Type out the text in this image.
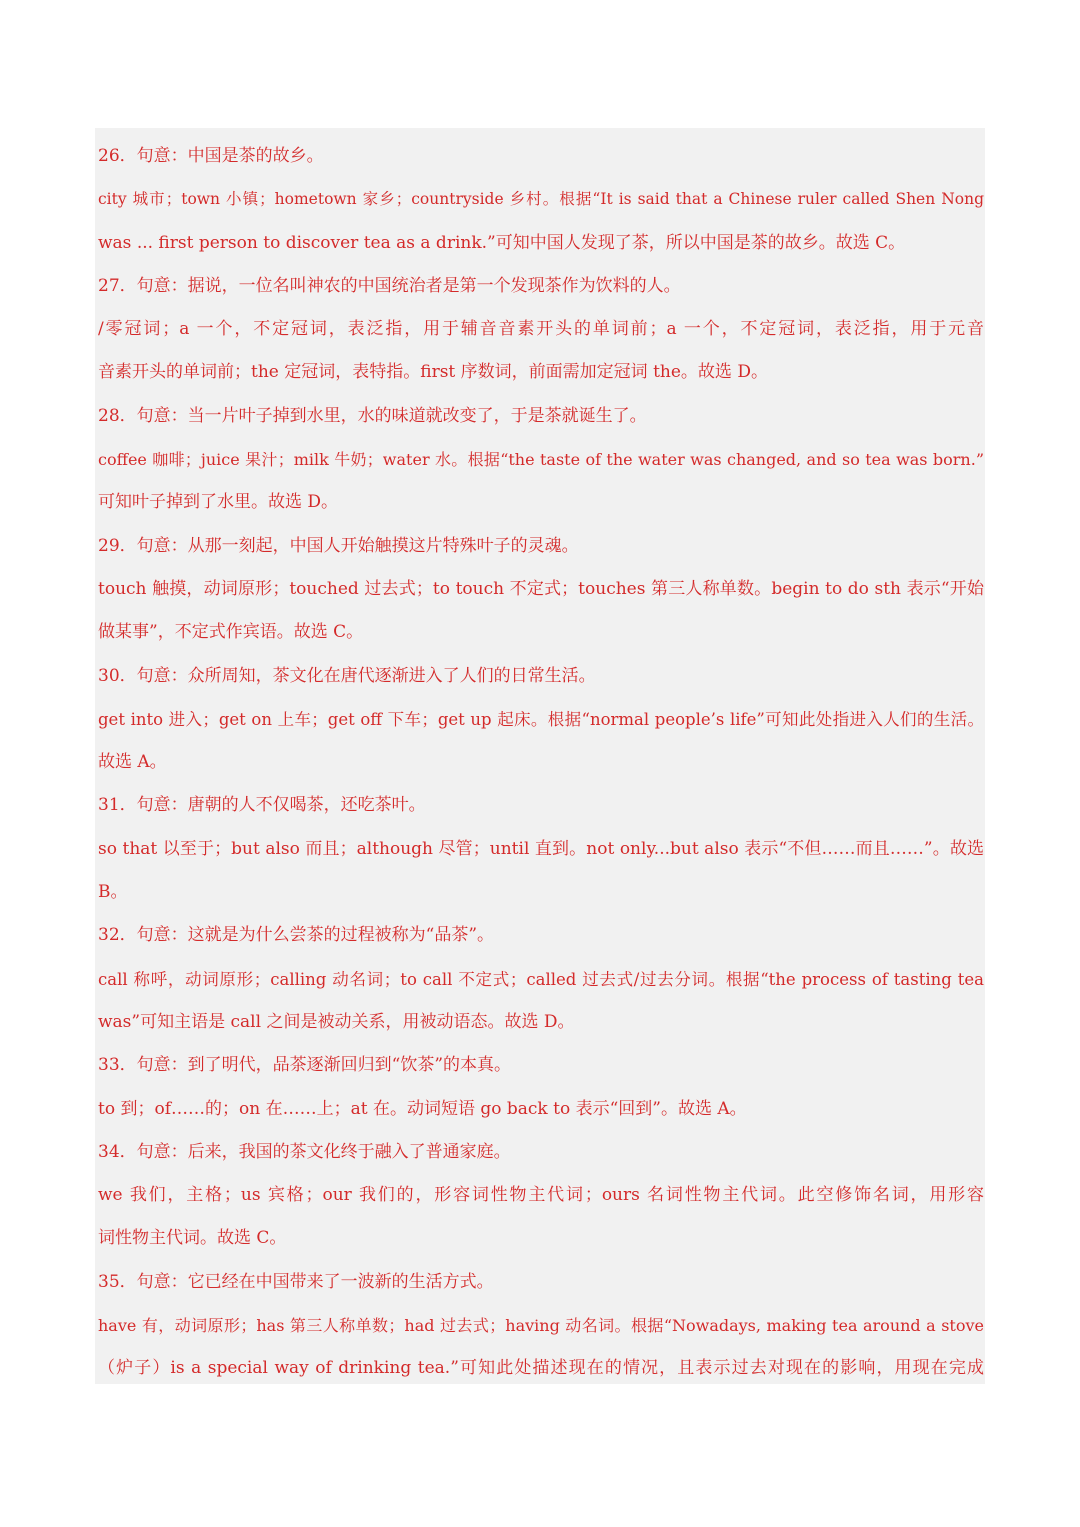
26．句意：中国是茶的故乡。
city 城市；town 小镇；hometown 家乡；countryside 乡村。根据“It is said that a Chinese ruler called Shen Nong
was ... first person to discover tea as a drink.”可知中国人发现了茶，所以中国是茶的故乡。故选 C。
27．句意：据说，一位名叫神农的中国统治者是第一个发现茶作为饮料的人。
/零冠词；a 一个，不定冠词，表泛指，用于辅音音素开头的单词前；a 一个，不定冠词，表泛指，用于元音
音素开头的单词前；the 定冠词，表特指。first 序数词，前面需加定冠词 the。故选 D。
28．句意：当一片叶子掉到水里，水的味道就改变了，于是茶就诞生了。
coffee 咖啡；juice 果汁；milk 牛奶；water 水。根据“the taste of the water was changed, and so tea was born.”
可知叶子掉到了水里。故选 D。
29．句意：从那一刻起，中国人开始触摸这片特殊叶子的灵魂。
touch 触摸，动词原形；touched 过去式；to touch 不定式；touches 第三人称单数。begin to do sth 表示“开始
做某事”，不定式作宾语。故选 C。
30．句意：众所周知，茶文化在唐代逐渐进入了人们的日常生活。
get into 进入；get on 上车；get off 下车；get up 起床。根据“normal people’s life”可知此处指进入人们的生活。
故选 A。
31．句意：唐朝的人不仅喝茶，还吃茶叶。
so that 以至于；but also 而且；although 尽管；until 直到。not only...but also 表示“不但……而且……”。故选
B。
32．句意：这就是为什么尝茶的过程被称为“品茶”。
call 称呼，动词原形；calling 动名词；to call 不定式；called 过去式/过去分词。根据“the process of tasting tea
was”可知主语是 call 之间是被动关系，用被动语态。故选 D。
33．句意：到了明代，品茶逐渐回归到“饮茶”的本真。
to 到；of……的；on 在……上；at 在。动词短语 go back to 表示“回到”。故选 A。
34．句意：后来，我国的茶文化终于融入了普通家庭。
we 我们，主格；us 宾格；our 我们的，形容词性物主代词；ours 名词性物主代词。此空修饰名词，用形容
词性物主代词。故选 C。
35．句意：它已经在中国带来了一波新的生活方式。
have 有，动词原形；has 第三人称单数；had 过去式；having 动名词。根据“Nowadays, making tea around a stove
（炉子）is a special way of drinking tea.”可知此处描述现在的情况，且表示过去对现在的影响，用现在完成
